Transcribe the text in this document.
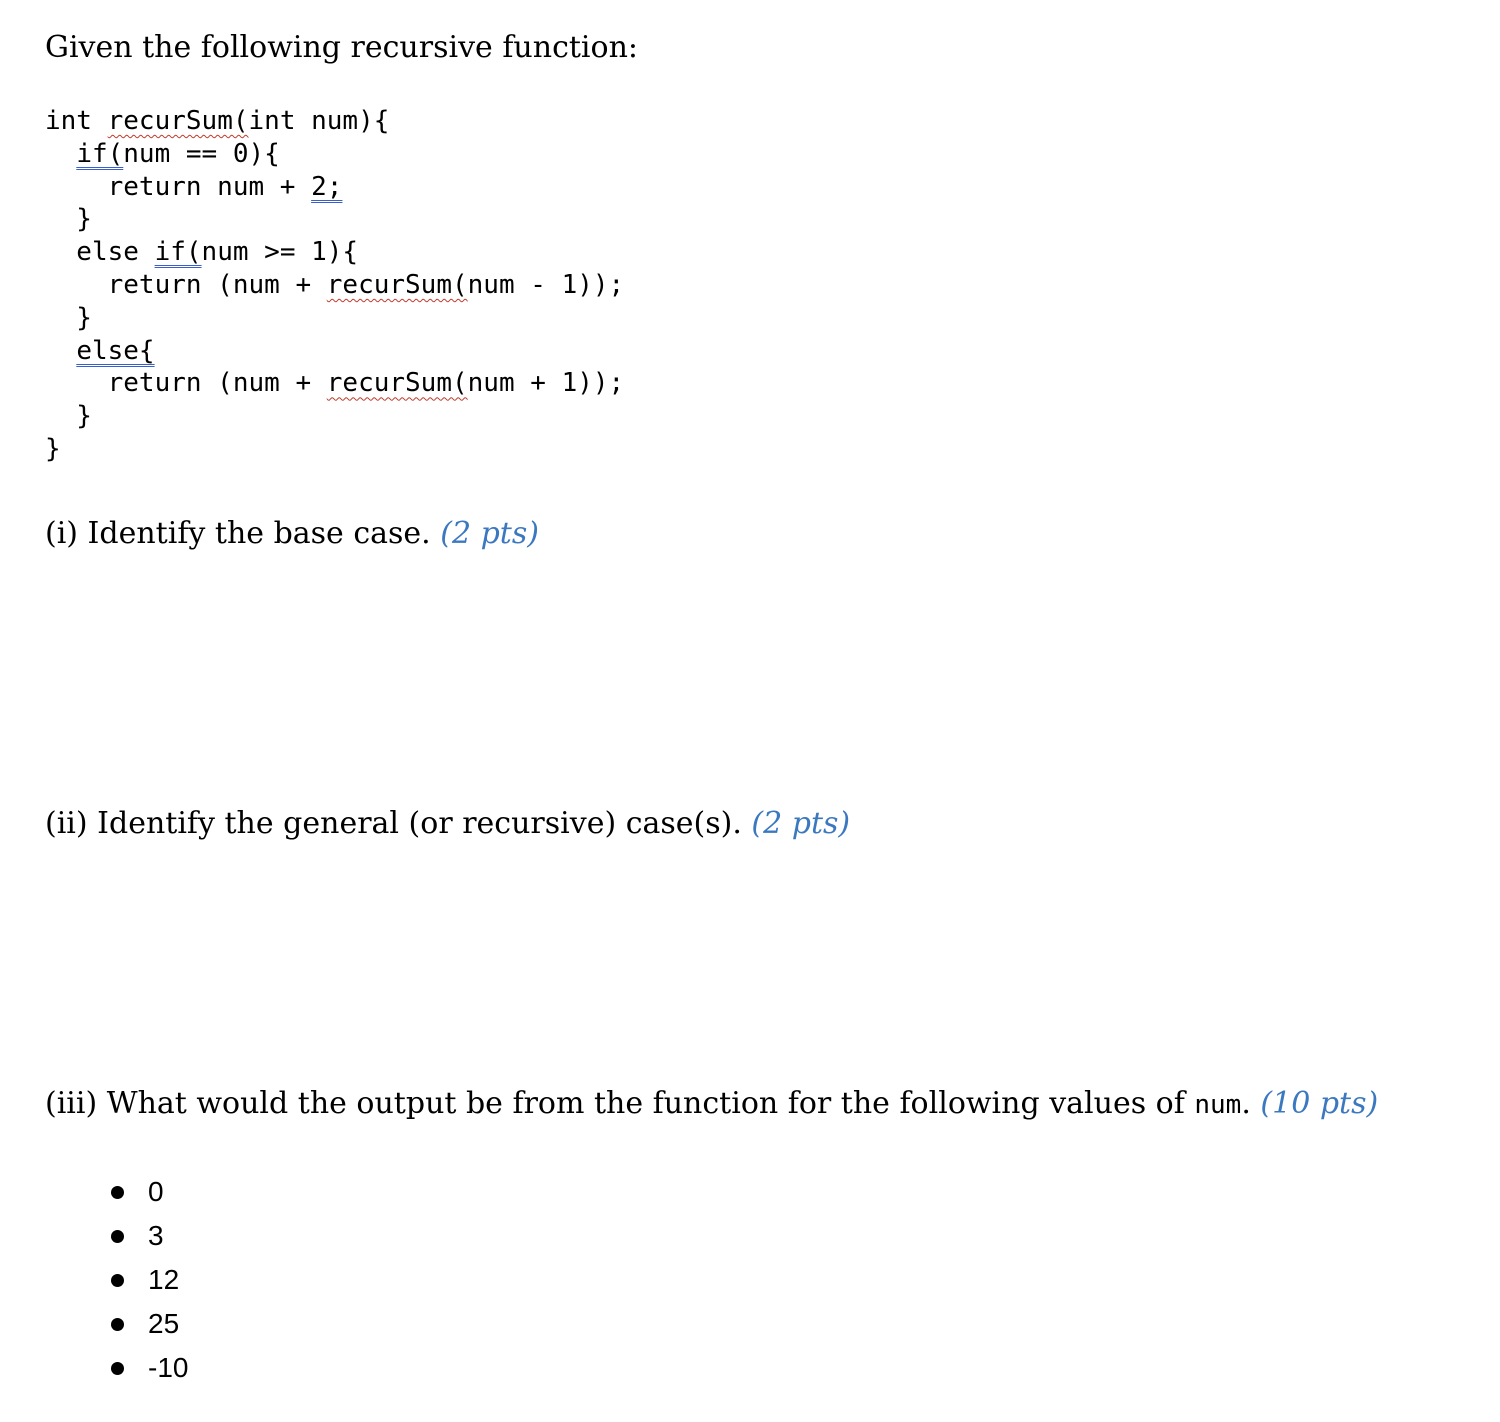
Given the following recursive function:
int recurSum(int num){
if(num == 0){
return num + 2;
}
else if(num >= 1){
return (num + recurSum(num - 1));
}
else{
return (num + recurSum(num + 1));
}
}

(i) Identify the base case. (2 pts)

(ii) Identify the general (or recursive) case(s). (2 pts)

(iii) What would the output be from the function for the following values of num. (10 pts)

0
3
12
25
-10
